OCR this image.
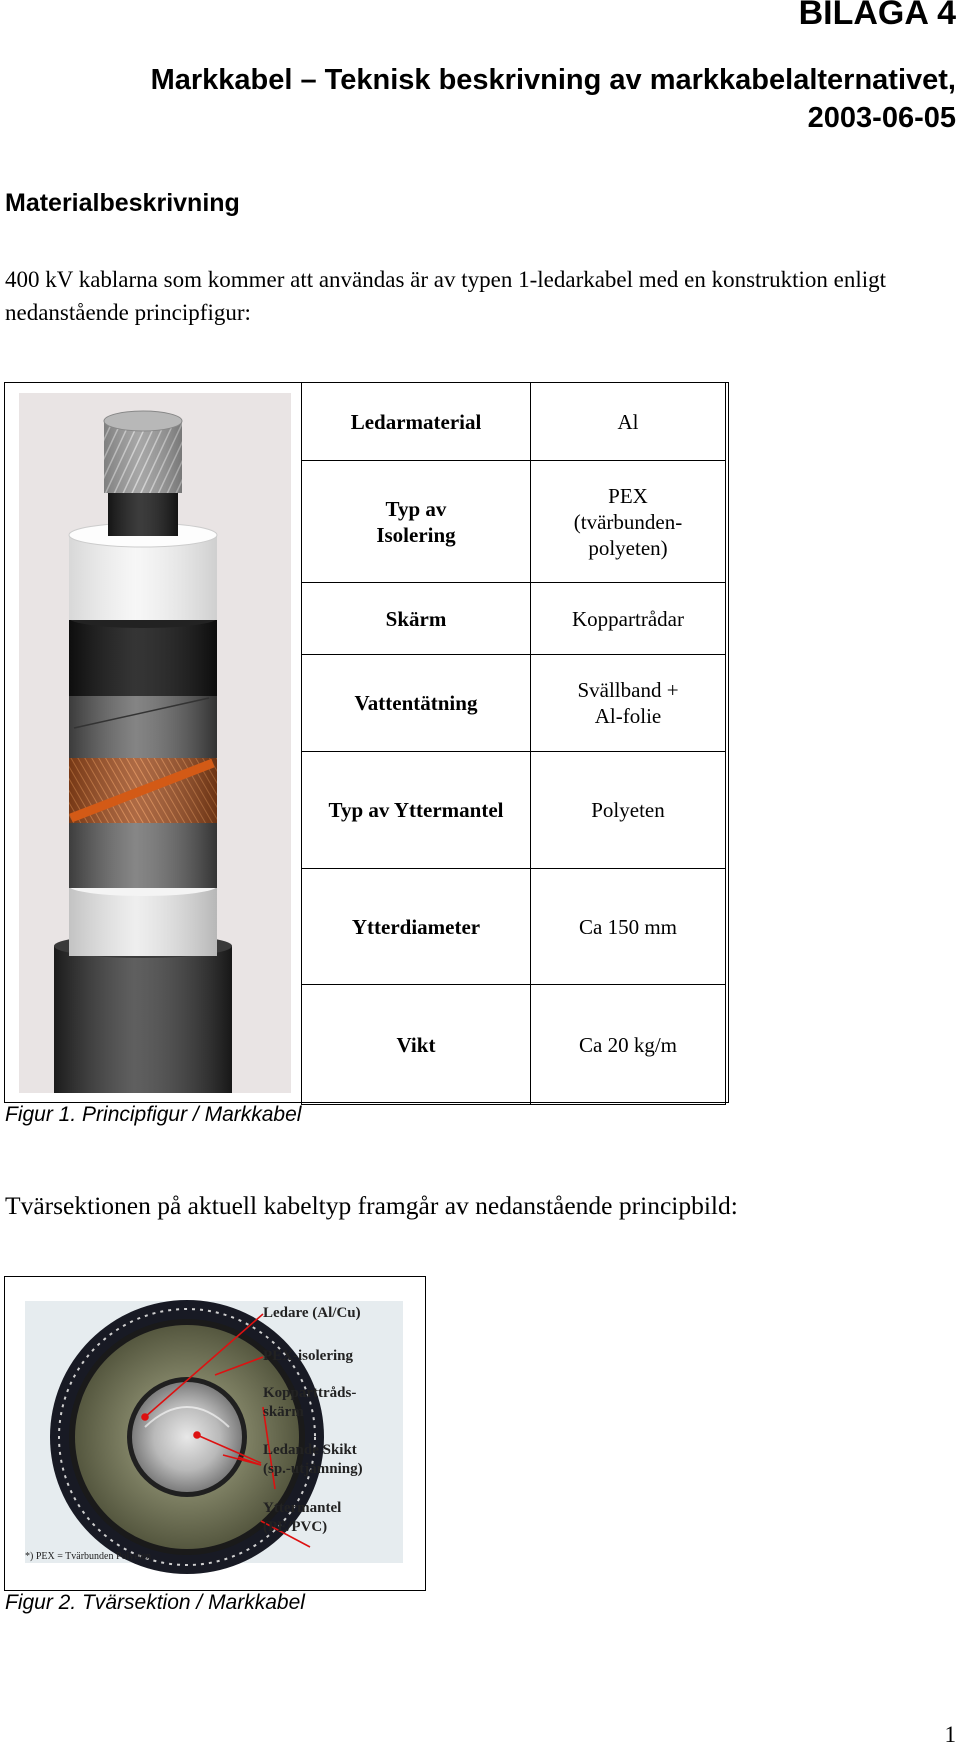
BILAGA 4
Markkabel – Teknisk beskrivning av markkabelalternativet,
2003-06-05
Materialbeskrivning
400 kV kablarna som kommer att användas är av typen 1-ledarkabel med en konstruktion enligt nedanstående principfigur:
Ledarmaterial	Al

Typ av Isolering	PEX (tvärbunden-polyeten)

Skärm	Koppartrådar
Vattentätning	Svällband + Al-folie

Typ av Yttermantel	Polyeten
Ytterdiameter	Ca 150 mm
Vikt	Ca 20 kg/m
Figur 1. Principfigur / Markkabel
Tvärsektionen på aktuell kabeltyp framgår av nedanstående principbild:
Ledare (Al/Cu)
PEX-isolering
Kopparttråds-
skärm
Ledande Skikt
(sp.-utjämning)
Yttermantel
(PE/PVC)
*) PEX = Tvärbunden Polyeten
Figur 2. Tvärsektion / Markkabel
1
